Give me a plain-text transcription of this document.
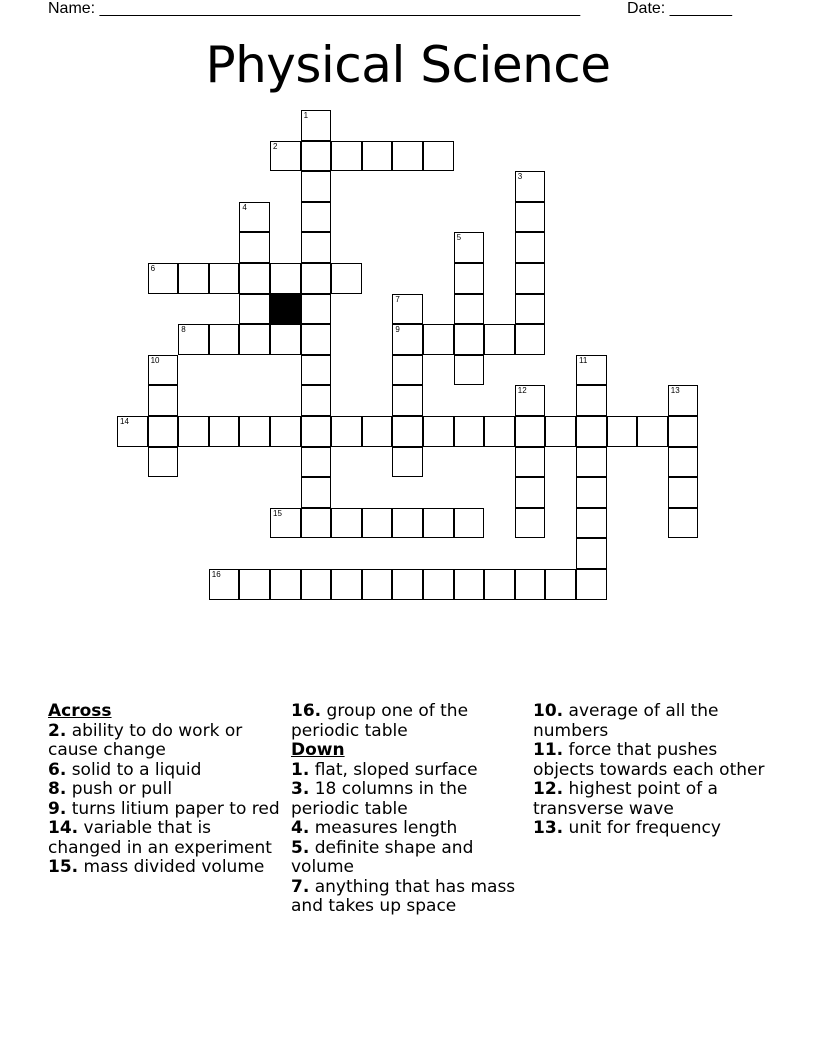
Name: ______________________________________________________	Date: _______
Physical Science
1
2
3
4
5
6
7
8	9
10	11
12	13
14
15
16
Across
2. ability to do work or cause change
6. solid to a liquid
8. push or pull
9. turns litium paper to red
14. variable that is changed in an experiment
15. mass divided volume
16. group one of the periodic table
Down
1. flat, sloped surface
3. 18 columns in the periodic table
4. measures length
5. definite shape and volume
7. anything that has mass and takes up space
10. average of all the numbers
11. force that pushes objects towards each other
12. highest point of a transverse wave
13. unit for frequency
